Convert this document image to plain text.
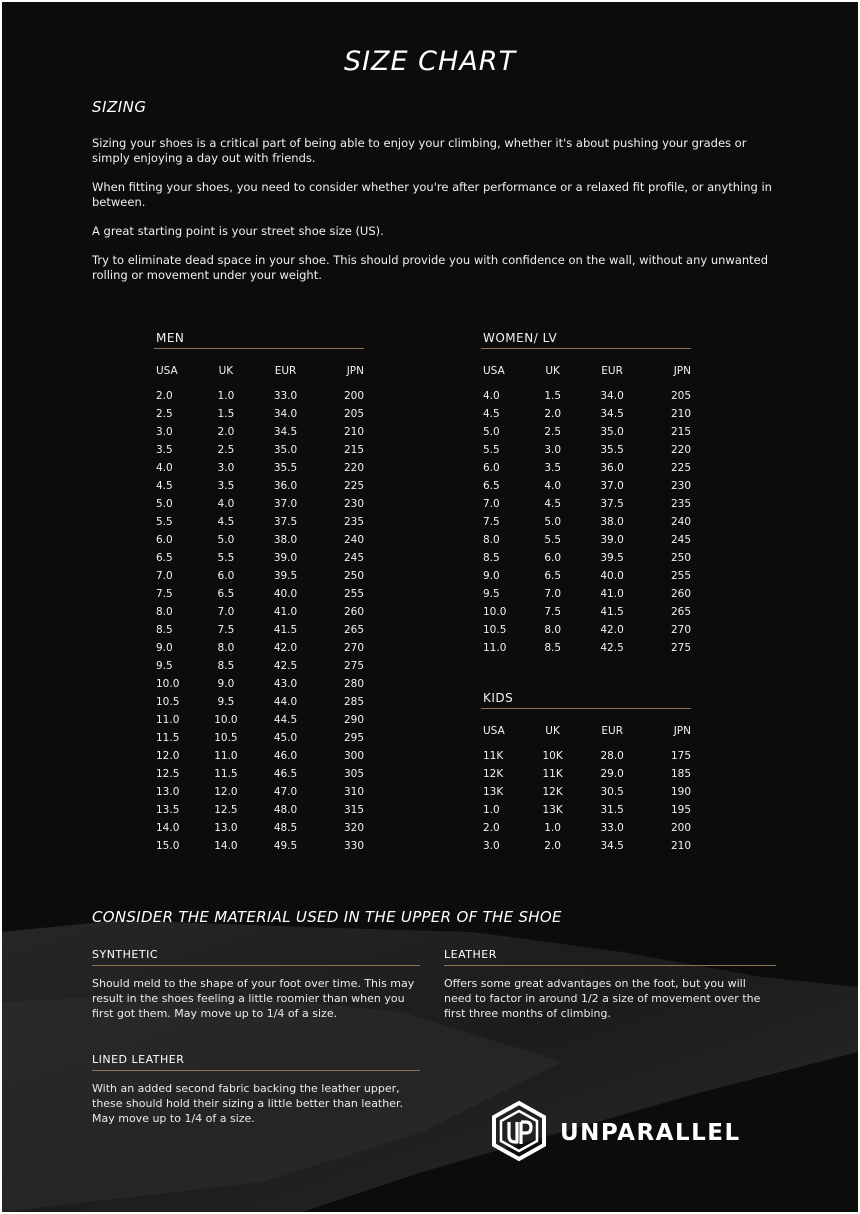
SIZE CHART
SIZING

Sizing your shoes is a critical part of being able to enjoy your climbing, whether it's about pushing your grades or simply enjoying a day out with friends.

When fitting your shoes, you need to consider whether you're after performance or a relaxed fit profile, or anything in between.

A great starting point is your street shoe size (US).

Try to eliminate dead space in your shoe. This should provide you with confidence on the wall, without any unwanted rolling or movement under your weight.

MEN
USA	UK	EUR	JPN
2.0	1.0	33.0	200
2.5	1.5	34.0	205
3.0	2.0	34.5	210
3.5	2.5	35.0	215
4.0	3.0	35.5	220
4.5	3.5	36.0	225
5.0	4.0	37.0	230
5.5	4.5	37.5	235
6.0	5.0	38.0	240
6.5	5.5	39.0	245
7.0	6.0	39.5	250
7.5	6.5	40.0	255
8.0	7.0	41.0	260
8.5	7.5	41.5	265
9.0	8.0	42.0	270
9.5	8.5	42.5	275
10.0	9.0	43.0	280
10.5	9.5	44.0	285
11.0	10.0	44.5	290
11.5	10.5	45.0	295
12.0	11.0	46.0	300
12.5	11.5	46.5	305
13.0	12.0	47.0	310
13.5	12.5	48.0	315
14.0	13.0	48.5	320
15.0	14.0	49.5	330
WOMEN/ LV
USA	UK	EUR	JPN
4.0	1.5	34.0	205
4.5	2.0	34.5	210
5.0	2.5	35.0	215
5.5	3.0	35.5	220
6.0	3.5	36.0	225
6.5	4.0	37.0	230
7.0	4.5	37.5	235
7.5	5.0	38.0	240
8.0	5.5	39.0	245
8.5	6.0	39.5	250
9.0	6.5	40.0	255
9.5	7.0	41.0	260
10.0	7.5	41.5	265
10.5	8.0	42.0	270
11.0	8.5	42.5	275
KIDS
USA	UK	EUR	JPN
11K	10K	28.0	175
12K	11K	29.0	185
13K	12K	30.5	190
1.0	13K	31.5	195
2.0	1.0	33.0	200
3.0	2.0	34.5	210
CONSIDER THE MATERIAL USED IN THE UPPER OF THE SHOE
SYNTHETIC
Should meld to the shape of your foot over time. This may result in the shoes feeling a little roomier than when you first got them. May move up to 1/4 of a size.
LEATHER
Offers some great advantages on the foot, but you will need to factor in around 1/2 a size of movement over the first three months of climbing.
LINED LEATHER
With an added second fabric backing the leather upper, these should hold their sizing a little better than leather. May move up to 1/4 of a size.
UNPARALLEL
